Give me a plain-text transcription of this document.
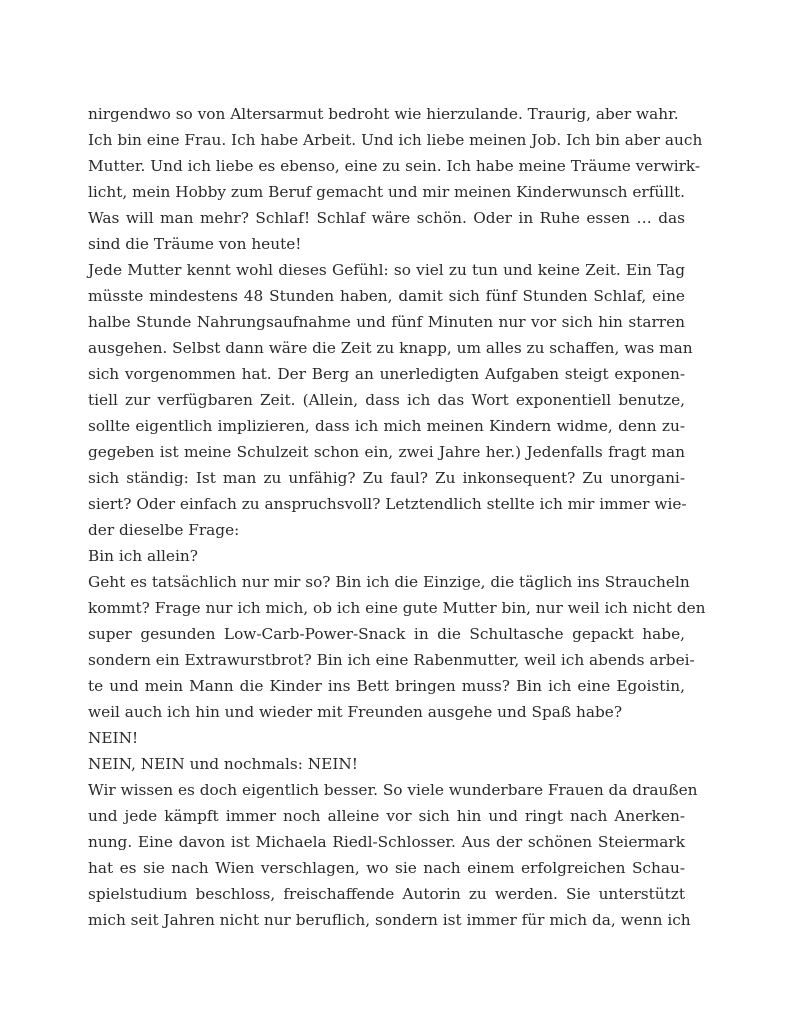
nirgendwo so von Altersarmut bedroht wie hierzulande. Traurig, aber wahr.
Ich bin eine Frau. Ich habe Arbeit. Und ich liebe meinen Job. Ich bin aber auch
Mutter. Und ich liebe es ebenso, eine zu sein. Ich habe meine Träume verwirk-
licht, mein Hobby zum Beruf gemacht und mir meinen Kinderwunsch erfüllt.
Was will man mehr? Schlaf! Schlaf wäre schön. Oder in Ruhe essen … das
sind die Träume von heute!
Jede Mutter kennt wohl dieses Gefühl: so viel zu tun und keine Zeit. Ein Tag
müsste mindestens 48 Stunden haben, damit sich fünf Stunden Schlaf, eine
halbe Stunde Nahrungsaufnahme und fünf Minuten nur vor sich hin starren
ausgehen. Selbst dann wäre die Zeit zu knapp, um alles zu schaffen, was man
sich vorgenommen hat. Der Berg an unerledigten Aufgaben steigt exponen-
tiell zur verfügbaren Zeit. (Allein, dass ich das Wort exponentiell benutze,
sollte eigentlich implizieren, dass ich mich meinen Kindern widme, denn zu-
gegeben ist meine Schulzeit schon ein, zwei Jahre her.) Jedenfalls fragt man
sich ständig: Ist man zu unfähig? Zu faul? Zu inkonsequent? Zu unorgani-
siert? Oder einfach zu anspruchsvoll? Letztendlich stellte ich mir immer wie-
der dieselbe Frage:
Bin ich allein?
Geht es tatsächlich nur mir so? Bin ich die Einzige, die täglich ins Straucheln
kommt? Frage nur ich mich, ob ich eine gute Mutter bin, nur weil ich nicht den
super gesunden Low-Carb-Power-Snack in die Schultasche gepackt habe,
sondern ein Extrawurstbrot? Bin ich eine Rabenmutter, weil ich abends arbei-
te und mein Mann die Kinder ins Bett bringen muss? Bin ich eine Egoistin,
weil auch ich hin und wieder mit Freunden ausgehe und Spaß habe?
NEIN!
NEIN, NEIN und nochmals: NEIN!
Wir wissen es doch eigentlich besser. So viele wunderbare Frauen da draußen
und jede kämpft immer noch alleine vor sich hin und ringt nach Anerken-
nung. Eine davon ist Michaela Riedl-Schlosser. Aus der schönen Steiermark
hat es sie nach Wien verschlagen, wo sie nach einem erfolgreichen Schau-
spielstudium beschloss, freischaffende Autorin zu werden. Sie unterstützt
mich seit Jahren nicht nur beruflich, sondern ist immer für mich da, wenn ich
